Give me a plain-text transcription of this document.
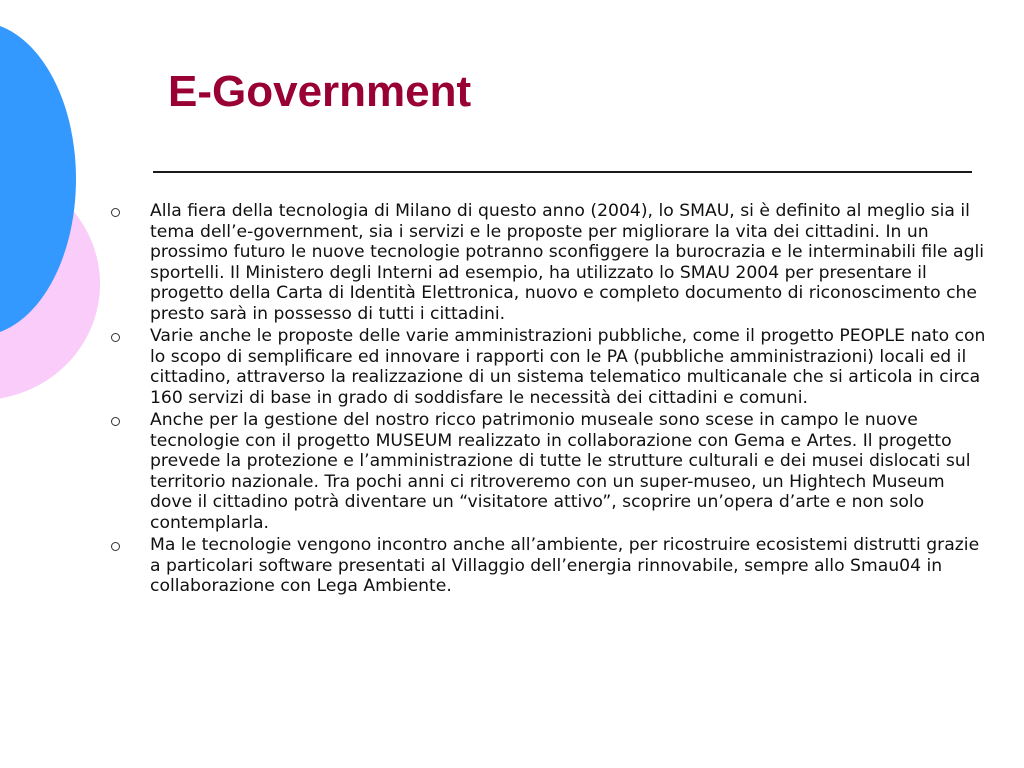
E-Government
Alla fiera della tecnologia di Milano di questo anno (2004), lo SMAU, si è definito al meglio sia il tema dell’e-government, sia i servizi e le proposte per migliorare la vita dei cittadini. In un prossimo futuro le nuove tecnologie potranno sconfiggere la burocrazia e le interminabili file agli sportelli. Il Ministero degli Interni ad esempio, ha utilizzato lo SMAU 2004 per presentare il progetto della Carta di Identità Elettronica, nuovo e completo documento di riconoscimento che presto sarà in possesso di tutti i cittadini.
Varie anche le proposte delle varie amministrazioni pubbliche, come il progetto PEOPLE nato con lo scopo di semplificare ed innovare i rapporti con le PA (pubbliche amministrazioni) locali ed il cittadino, attraverso la realizzazione di un sistema telematico multicanale che si articola in circa 160 servizi di base in grado di soddisfare le necessità dei cittadini e comuni.
Anche per la gestione del nostro ricco patrimonio museale sono scese in campo le nuove tecnologie con il progetto MUSEUM realizzato in collaborazione con Gema e Artes. Il progetto prevede la protezione e l’amministrazione di tutte le strutture culturali e dei musei dislocati sul territorio nazionale. Tra pochi anni ci ritroveremo con un super-museo, un Hightech Museum dove il cittadino potrà diventare un “visitatore attivo”, scoprire un’opera d’arte e non solo contemplarla.
Ma le tecnologie vengono incontro anche all’ambiente, per ricostruire ecosistemi distrutti grazie a particolari software presentati al Villaggio dell’energia rinnovabile, sempre allo Smau04 in collaborazione con Lega Ambiente.
